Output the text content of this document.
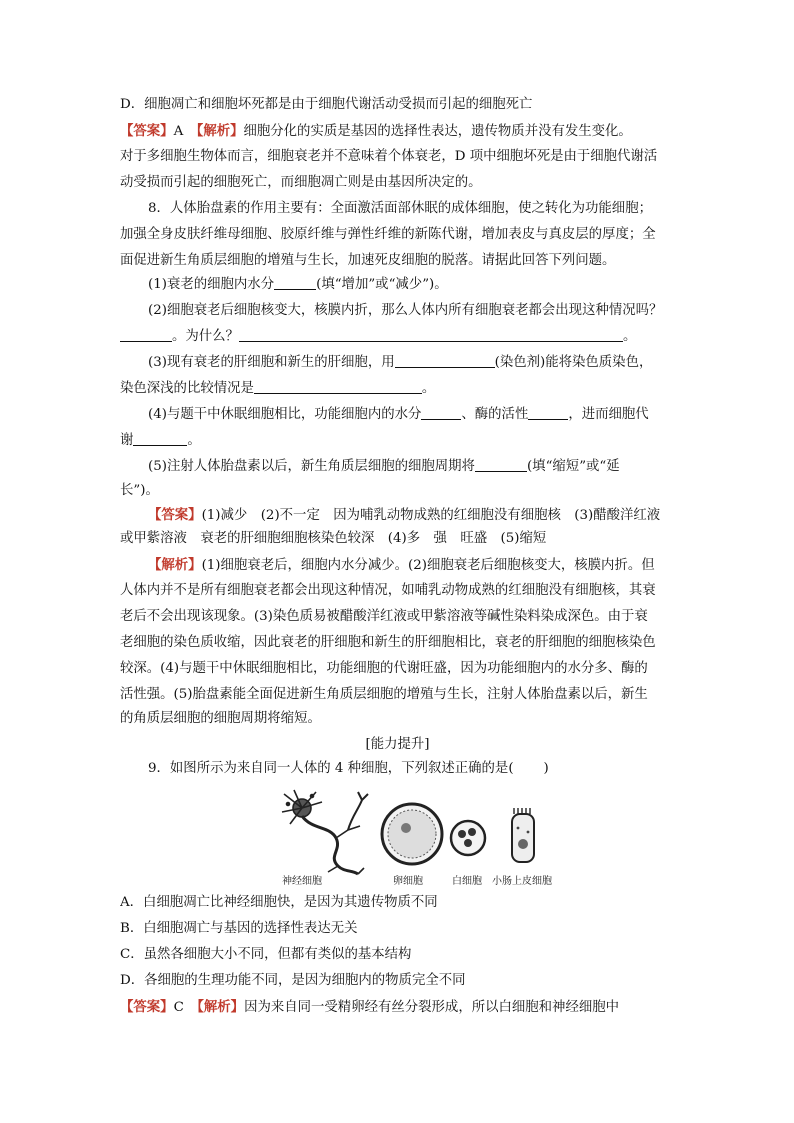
D．细胞凋亡和细胞坏死都是由于细胞代谢活动受损而引起的细胞死亡
【答案】A　【解析】细胞分化的实质是基因的选择性表达，遗传物质并没有发生变化。
对于多细胞生物体而言，细胞衰老并不意味着个体衰老，D 项中细胞坏死是由于细胞代谢活
动受损而引起的细胞死亡，而细胞凋亡则是由基因所决定的。
8．人体胎盘素的作用主要有：全面激活面部休眠的成体细胞，使之转化为功能细胞；
加强全身皮肤纤维母细胞、胶原纤维与弹性纤维的新陈代谢，增加表皮与真皮层的厚度；全
面促进新生角质层细胞的增殖与生长，加速死皮细胞的脱落。请据此回答下列问题。
(1)衰老的细胞内水分	(填“增加”或“减少”)。
(2)细胞衰老后细胞核变大，核膜内折，那么人体内所有细胞衰老都会出现这种情况吗？
。为什么？	。
(3)现有衰老的肝细胞和新生的肝细胞，用	(染色剂)能将染色质染色，
染色深浅的比较情况是	。
(4)与题干中休眠细胞相比，功能细胞内的水分	、酶的活性	，进而细胞代
谢	。
(5)注射人体胎盘素以后，新生角质层细胞的细胞周期将	(填“缩短”或“延
长”)。
【答案】(1)减少　(2)不一定　因为哺乳动物成熟的红细胞没有细胞核　(3)醋酸洋红液
或甲紫溶液　衰老的肝细胞细胞核染色较深　(4)多　强　旺盛　(5)缩短
【解析】(1)细胞衰老后，细胞内水分减少。(2)细胞衰老后细胞核变大，核膜内折。但
人体内并不是所有细胞衰老都会出现这种情况，如哺乳动物成熟的红细胞没有细胞核，其衰
老后不会出现该现象。(3)染色质易被醋酸洋红液或甲紫溶液等碱性染料染成深色。由于衰
老细胞的染色质收缩，因此衰老的肝细胞和新生的肝细胞相比，衰老的肝细胞的细胞核染色
较深。(4)与题干中休眠细胞相比，功能细胞的代谢旺盛，因为功能细胞内的水分多、酶的
活性强。(5)胎盘素能全面促进新生角质层细胞的增殖与生长，注射人体胎盘素以后，新生
的角质层细胞的细胞周期将缩短。
[能力提升]
9．如图所示为来自同一人体的 4 种细胞，下列叙述正确的是( )
神经细胞	卵细胞	白细胞 小肠上皮细胞
A．白细胞凋亡比神经细胞快，是因为其遗传物质不同
B．白细胞凋亡与基因的选择性表达无关
C．虽然各细胞大小不同，但都有类似的基本结构
D．各细胞的生理功能不同，是因为细胞内的物质完全不同
【答案】C　【解析】因为来自同一受精卵经有丝分裂形成，所以白细胞和神经细胞中
